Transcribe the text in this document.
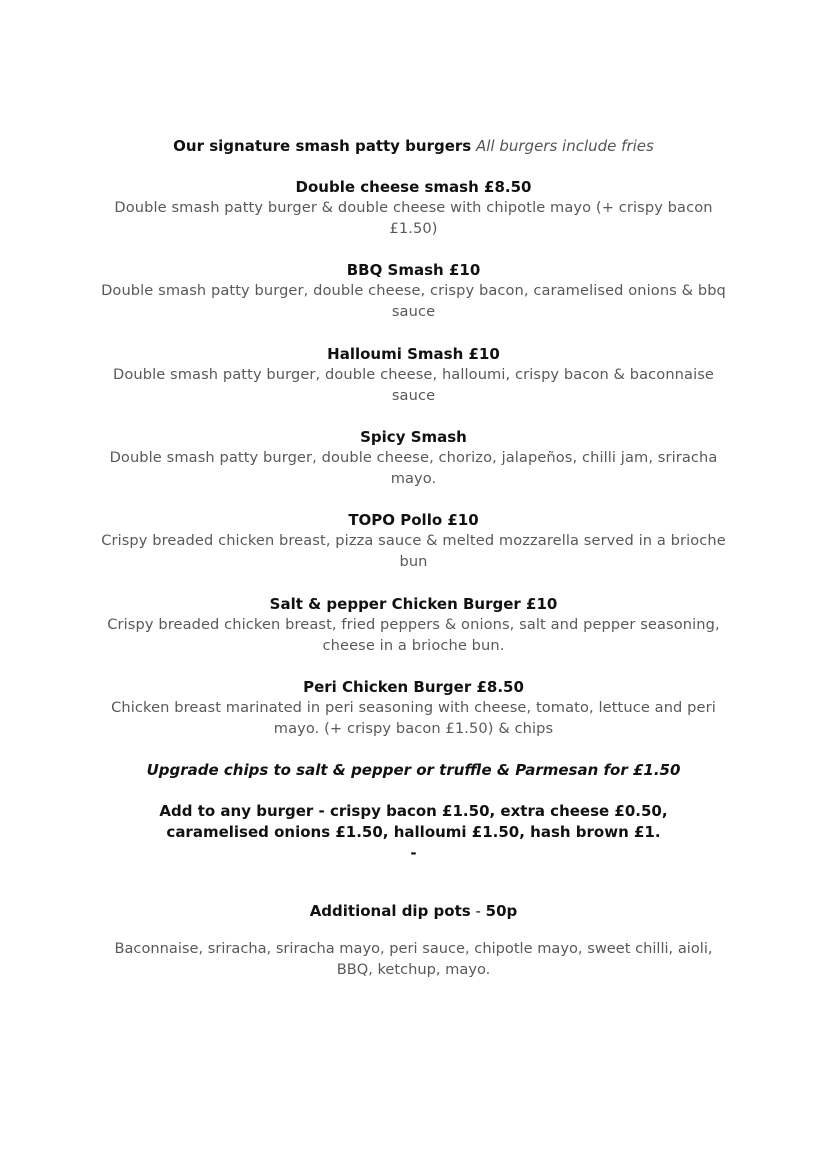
Our signature smash patty burgers All burgers include fries
Double cheese smash £8.50
Double smash patty burger & double cheese with chipotle mayo (+ crispy bacon £1.50)
BBQ Smash £10
Double smash patty burger, double cheese, crispy bacon, caramelised onions & bbq sauce
Halloumi Smash £10
Double smash patty burger, double cheese, halloumi, crispy bacon & baconnaise sauce
Spicy Smash
Double smash patty burger, double cheese, chorizo, jalapeños, chilli jam, sriracha mayo.
TOPO Pollo £10
Crispy breaded chicken breast, pizza sauce & melted mozzarella served in a brioche bun
Salt & pepper Chicken Burger £10
Crispy breaded chicken breast, fried peppers & onions, salt and pepper seasoning, cheese in a brioche bun.
Peri Chicken Burger £8.50
Chicken breast marinated in peri seasoning with cheese, tomato, lettuce and peri mayo. (+ crispy bacon £1.50) & chips
Upgrade chips to salt & pepper or truffle & Parmesan for £1.50
Add to any burger - crispy bacon £1.50, extra cheese £0.50, caramelised onions £1.50, halloumi £1.50, hash brown £1.
-
Additional dip pots - 50p
Baconnaise, sriracha, sriracha mayo, peri sauce, chipotle mayo, sweet chilli, aioli, BBQ, ketchup, mayo.
